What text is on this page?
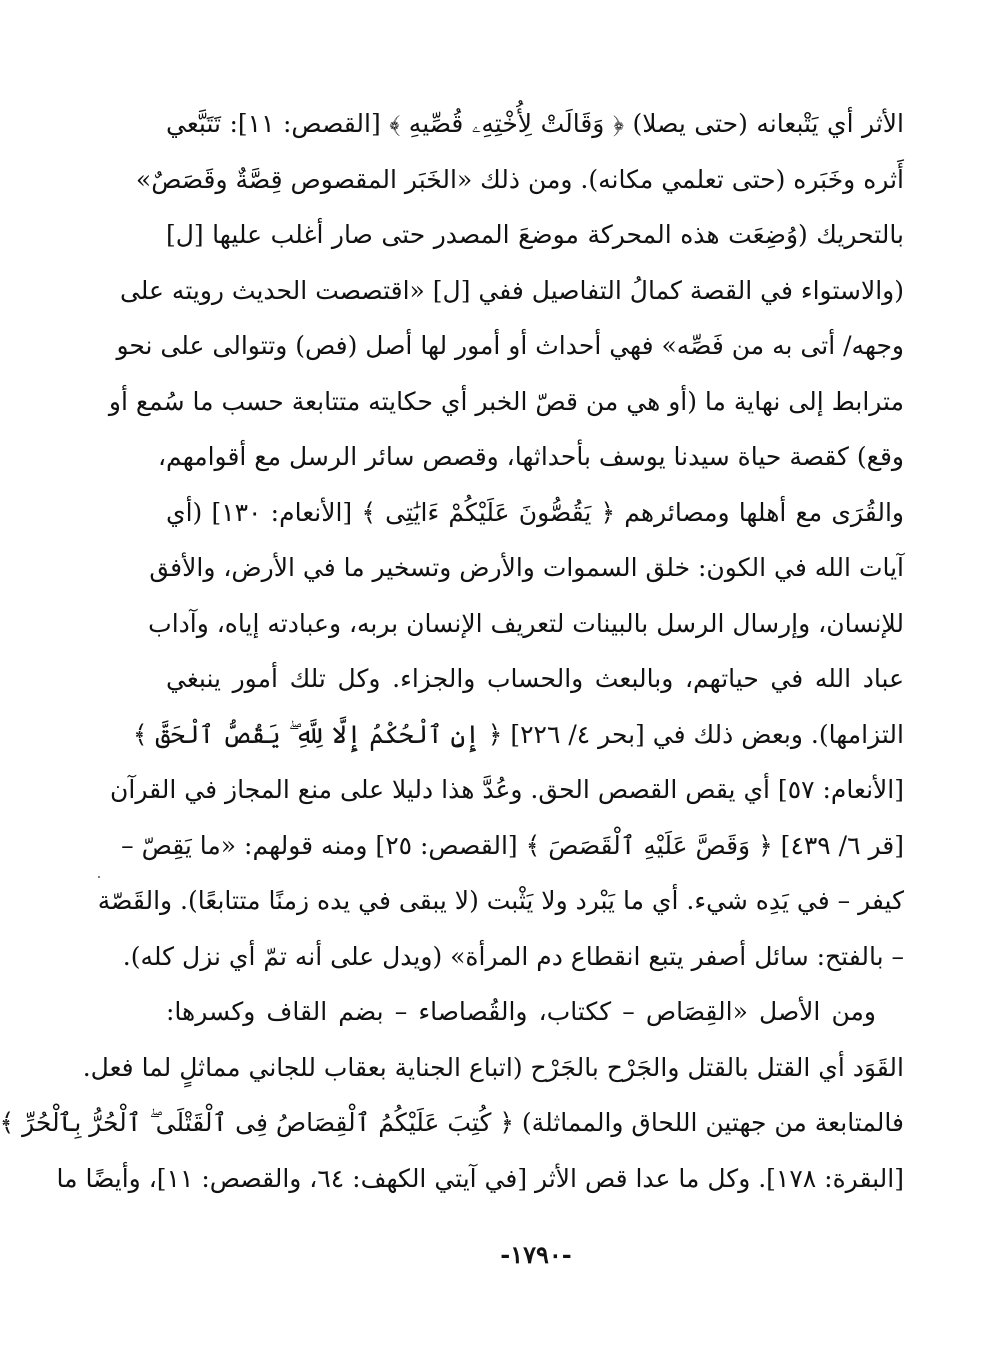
الأثر أي يَتْبعانه (حتى يصلا) ﴿ وَقَالَتْ لِأُخْتِهِۦ قُصِّيهِ ﴾ [القصص: ١١]: تَتَبَّعي
أَثره وخَبَره (حتى تعلمي مكانه). ومن ذلك «الخَبَر المقصوص قِصَّةٌ وقَصَصٌ»
بالتحريك (وُضِعَت هذه المحركة موضعَ المصدر حتى صار أغلب عليها [ل]
(والاستواء في القصة كمالُ التفاصيل ففي [ل] «اقتصصت الحديث رويته على
وجهه/ أتى به من فَصِّه» فهي أحداث أو أمور لها أصل (فص) وتتوالى على نحو
مترابط إلى نهاية ما (أو هي من قصّ الخبر أي حكايته متتابعة حسب ما سُمع أو
وقع) كقصة حياة سيدنا يوسف بأحداثها، وقصص سائر الرسل مع أقوامهم،
والقُرَى مع أهلها ومصائرهم ﴿ يَقُصُّونَ عَلَيْكُمْ ءَايَٰتِى ﴾ [الأنعام: ١٣٠] (أي
آيات الله في الكون: خلق السموات والأرض وتسخير ما في الأرض، والأفق
للإنسان، وإرسال الرسل بالبينات لتعريف الإنسان بربه، وعبادته إياه، وآداب
عباد الله في حياتهم، وبالبعث والحساب والجزاء. وكل تلك أمور ينبغي
التزامها). وبعض ذلك في [بحر ٤/ ٢٢٦] ﴿ إِنِ ٱلْحُكْمُ إِلَّا لِلَّهِ ۖ يَقُصُّ ٱلْحَقَّ ﴾
[الأنعام: ٥٧] أي يقص القصص الحق. وعُدَّ هذا دليلا على منع المجاز في القرآن
[قر ٦/ ٤٣٩] ﴿ وَقَصَّ عَلَيْهِ ٱلْقَصَصَ ﴾ [القصص: ٢٥] ومنه قولهم: «ما يَقِصّ –
كيفر – في يَدِه شيء. أي ما يَبْرد ولا يَثْبت (لا يبقى في يده زمنًا متتابعًا). والقَصّة
– بالفتح: سائل أصفر يتبع انقطاع دم المرأة» (ويدل على أنه تمّ أي نزل كله).
ومن الأصل «القِصَاص – ككتاب، والقُصاصاء – بضم القاف وكسرها:
القَوَد أي القتل بالقتل والجَرْح بالجَرْح (اتباع الجناية بعقاب للجاني مماثلٍ لما فعل.
فالمتابعة من جهتين اللحاق والمماثلة) ﴿ كُتِبَ عَلَيْكُمُ ٱلْقِصَاصُ فِى ٱلْقَتْلَى ۖ ٱلْحُرُّ بِٱلْحُرِّ ﴾
[البقرة: ١٧٨]. وكل ما عدا قص الأثر [في آيتي الكهف: ٦٤، والقصص: ١١]، وأيضًا ما
-١٧٩٠-
